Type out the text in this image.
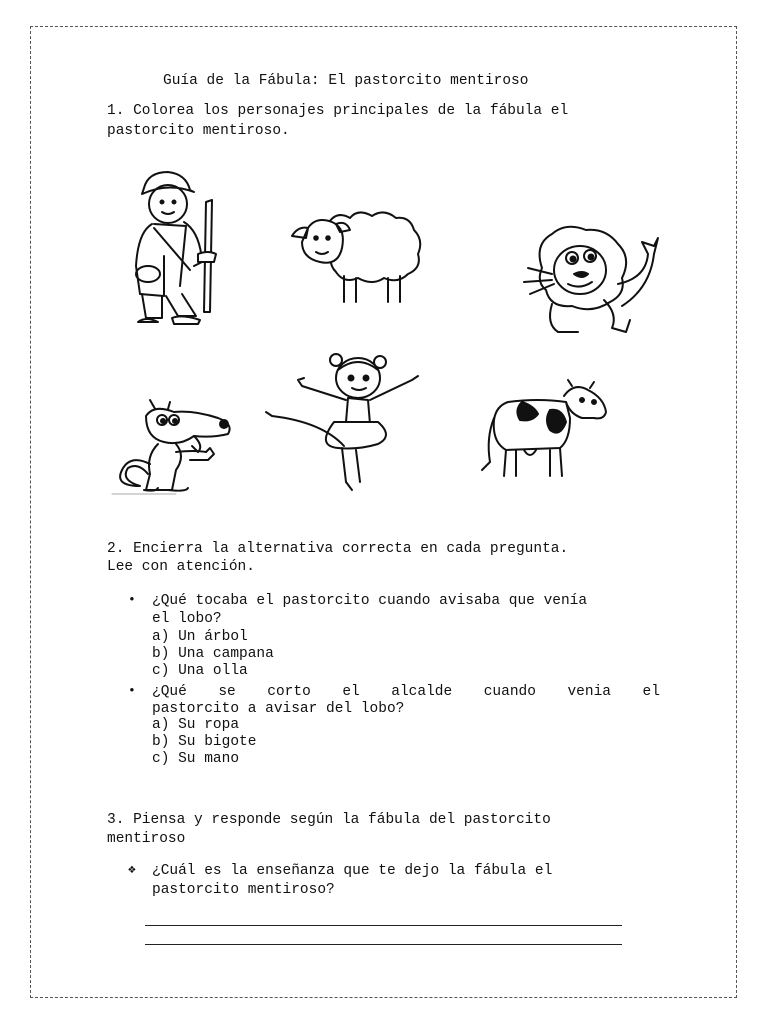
Guía de la Fábula: El pastorcito mentiroso
1. Colorea los personajes principales de la fábula el
pastorcito mentiroso.
2. Encierra la alternativa correcta en cada pregunta.
Lee con atención.
• ¿Qué tocaba el pastorcito cuando avisaba que venía
el lobo?
a) Un árbol
b) Una campana
c) Una olla
• ¿Qué se corto el alcalde cuando venia el
pastorcito a avisar del lobo?
a) Su ropa
b) Su bigote
c) Su mano
3. Piensa y responde según la fábula del pastorcito
mentiroso
❖ ¿Cuál es la enseñanza que te dejo la fábula el
pastorcito mentiroso?
